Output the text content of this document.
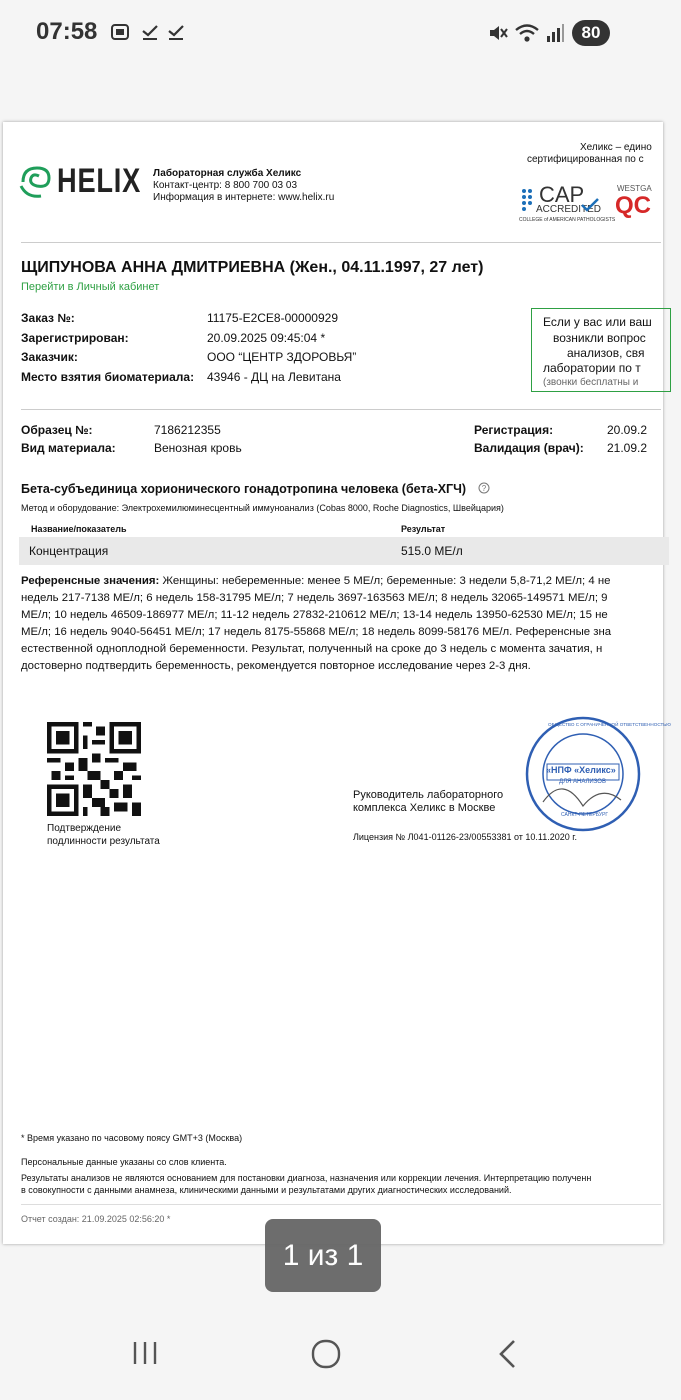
07:58	80
HELIX Лабораторная служба Хеликс
Контакт-центр: 8 800 700 03 03
Информация в интернете: www.helix.ru
Хеликс – едино
сертифицированная по с
CAP
ACCREDITED
COLLEGE of AMERICAN PATHOLOGISTS
WESTGA
QC
ЩИПУНОВА АННА ДМИТРИЕВНА (Жен., 04.11.1997, 27 лет)
Перейти в Личный кабинет
Заказ №:	11175-E2CE8-00000929
Зарегистрирован:	20.09.2025 09:45:04 *
Заказчик:	ООО “ЦЕНТР ЗДОРОВЬЯ”
Место взятия биоматериала: 43946 - ДЦ на Левитана
Если у вас или ваш
возникли вопрос
анализов, свя
лаборатории по т
(звонки бесплатны и
Образец №:	7186212355
Вид материала:	Венозная кровь
Регистрация:	20.09.2
Валидация (врач): 21.09.2
Бета-субъединица хорионического гонадотропина человека (бета-ХГЧ) ?
Метод и оборудование: Электрохемилюминесцентный иммуноанализ (Cobas 8000, Roche Diagnostics, Швейцария)
Название/показатель	Результат
Концентрация	515.0 МЕ/л
Референсные значения: Женщины: небеременные: менее 5 МЕ/л; беременные: 3 недели 5,8-71,2 МЕ/л; 4 не
недель 217-7138 МЕ/л; 6 недель 158-31795 МЕ/л; 7 недель 3697-163563 МЕ/л; 8 недель 32065-149571 МЕ/л; 9
МЕ/л; 10 недель 46509-186977 МЕ/л; 11-12 недель 27832-210612 МЕ/л; 13-14 недель 13950-62530 МЕ/л; 15 не
МЕ/л; 16 недель 9040-56451 МЕ/л; 17 недель 8175-55868 МЕ/л; 18 недель 8099-58176 МЕ/л. Референсные зна
естественной одноплодной беременности. Результат, полученный на сроке до 3 недель с момента зачатия, н
достоверно подтвердить беременность, рекомендуется повторное исследование через 2-3 дня.
Подтверждение
подлинности результата
Руководитель лабораторного
комплекса Хеликс в Москве
Лицензия № Л041-01126-23/00553381 от 10.11.2020 г.
«НПФ «Хеликс»
ДЛЯ АНАЛИЗОВ
ОБЩЕСТВО С ОГРАНИЧЕННОЙ ОТВЕТСТВЕННОСТЬЮ
САНКТ-ПЕТЕРБУРГ
* Время указано по часовому поясу GMT+3 (Москва)
Персональные данные указаны со слов клиента.
Результаты анализов не являются основанием для постановки диагноза, назначения или коррекции лечения. Интерпретацию полученн
в совокупности с данными анамнеза, клиническими данными и результатами других диагностических исследований.
Отчет создан: 21.09.2025 02:56:20 *
1 из 1
